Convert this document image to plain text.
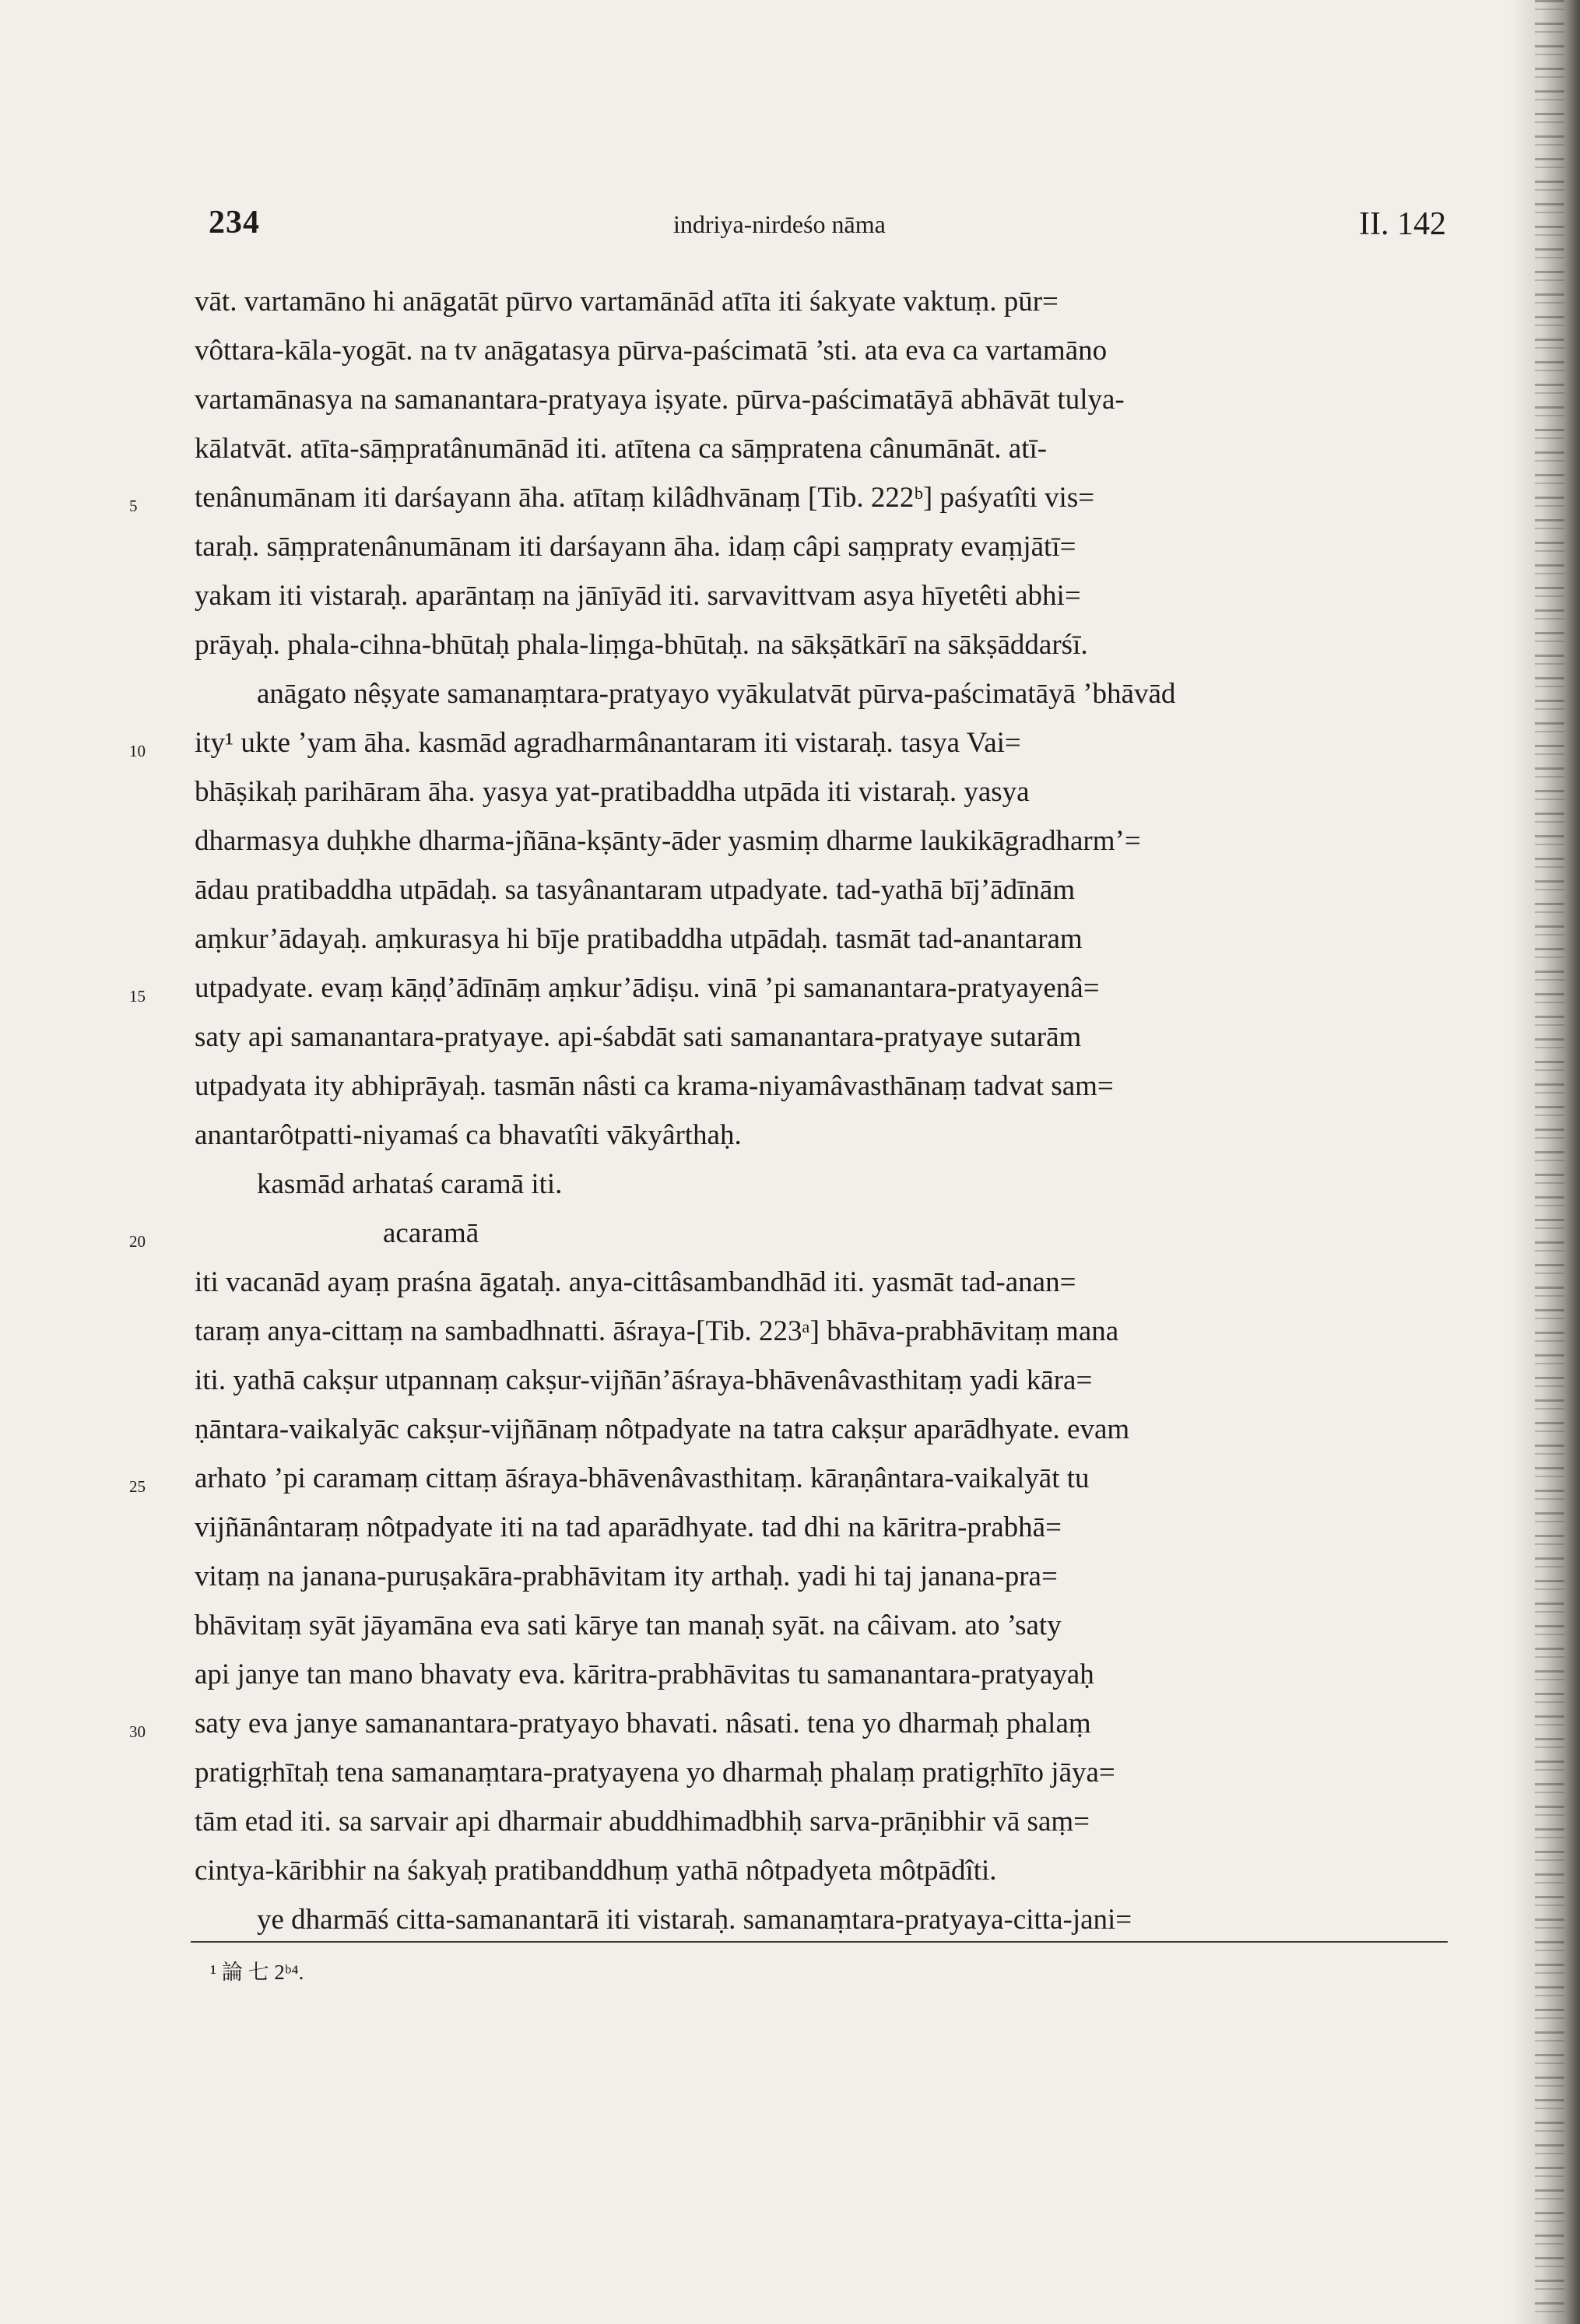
234	indriya-nirdeśo nāma	II. 142
vāt. vartamāno hi anāgatāt pūrvo vartamānād atīta iti śakyate vaktuṃ. pūr=
vôttara-kāla-yogāt. na tv anāgatasya pūrva-paścimatā ’sti. ata eva ca vartamāno
vartamānasya na samanantara-pratyaya iṣyate. pūrva-paścimatāyā abhāvāt tulya-
kālatvāt. atīta-sāṃpratânumānād iti. atītena ca sāṃpratena cânumānāt. atī-
5	tenânumānam iti darśayann āha. atītaṃ kilâdhvānaṃ [Tib. 222ᵇ] paśyatîti vis=
taraḥ. sāṃpratenânumānam iti darśayann āha. idaṃ câpi saṃpraty evaṃjātī=
yakam iti vistaraḥ. aparāntaṃ na jānīyād iti. sarvavittvam asya hīyetêti abhi=
prāyaḥ. phala-cihna-bhūtaḥ phala-liṃga-bhūtaḥ. na sākṣātkārī na sākṣāddarśī.
anāgato nêṣyate samanaṃtara-pratyayo vyākulatvāt pūrva-paścimatāyā ’bhāvād
10	ity¹ ukte ’yam āha. kasmād agradharmânantaram iti vistaraḥ. tasya Vai=
bhāṣikaḥ parihāram āha. yasya yat-pratibaddha utpāda iti vistaraḥ. yasya
dharmasya duḥkhe dharma-jñāna-kṣānty-āder yasmiṃ dharme laukikāgradharm’=
ādau pratibaddha utpādaḥ. sa tasyânantaram utpadyate. tad-yathā bīj’ādīnām
aṃkur’ādayaḥ. aṃkurasya hi bīje pratibaddha utpādaḥ. tasmāt tad-anantaram
15	utpadyate. evaṃ kāṇḍ’ādīnāṃ aṃkur’ādiṣu. vinā ’pi samanantara-pratyayenâ=
saty api samanantara-pratyaye. api-śabdāt sati samanantara-pratyaye sutarām
utpadyata ity abhiprāyaḥ. tasmān nâsti ca krama-niyamâvasthānaṃ tadvat sam=
anantarôtpatti-niyamaś ca bhavatîti vākyârthaḥ.
kasmād arhataś caramā iti.
20	acaramā
iti vacanād ayaṃ praśna āgataḥ. anya-cittâsambandhād iti. yasmāt tad-anan=
taraṃ anya-cittaṃ na sambadhnatti. āśraya-[Tib. 223ᵃ] bhāva-prabhāvitaṃ mana
iti. yathā cakṣur utpannaṃ cakṣur-vijñān’āśraya-bhāvenâvasthitaṃ yadi kāra=
ṇāntara-vaikalyāc cakṣur-vijñānaṃ nôtpadyate na tatra cakṣur aparādhyate. evam
25	arhato ’pi caramaṃ cittaṃ āśraya-bhāvenâvasthitaṃ. kāraṇântara-vaikalyāt tu
vijñānântaraṃ nôtpadyate iti na tad aparādhyate. tad dhi na kāritra-prabhā=
vitaṃ na janana-puruṣakāra-prabhāvitam ity arthaḥ. yadi hi taj janana-pra=
bhāvitaṃ syāt jāyamāna eva sati kārye tan manaḥ syāt. na câivam. ato ’saty
api janye tan mano bhavaty eva. kāritra-prabhāvitas tu samanantara-pratyayaḥ
30	saty eva janye samanantara-pratyayo bhavati. nâsati. tena yo dharmaḥ phalaṃ
pratigṛhītaḥ tena samanaṃtara-pratyayena yo dharmaḥ phalaṃ pratigṛhīto jāya=
tām etad iti. sa sarvair api dharmair abuddhimadbhiḥ sarva-prāṇibhir vā saṃ=
cintya-kāribhir na śakyaḥ pratibanddhuṃ yathā nôtpadyeta môtpādîti.
ye dharmāś citta-samanantarā iti vistaraḥ. samanaṃtara-pratyaya-citta-jani=
¹ 論 七 2ᵇ⁴.
